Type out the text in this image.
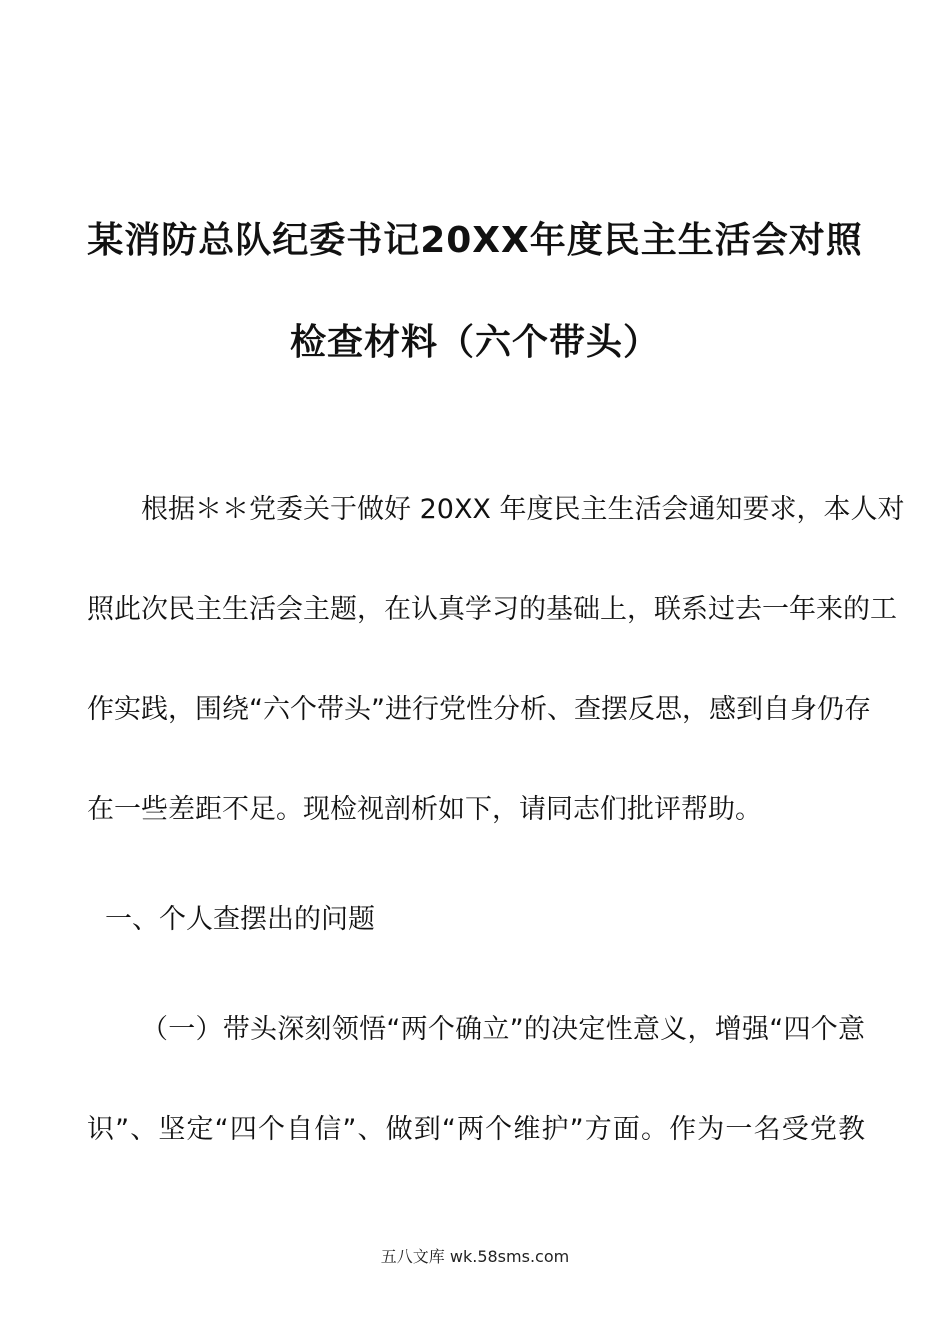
某消防总队纪委书记20XX年度民主生活会对照
检查材料（六个带头）
根据＊＊党委关于做好 20XX 年度民主生活会通知要求，本人对
照此次民主生活会主题，在认真学习的基础上，联系过去一年来的工
作实践，围绕“六个带头”进行党性分析、查摆反思，感到自身仍存
在一些差距不足。现检视剖析如下，请同志们批评帮助。
一、个人查摆出的问题
（一）带头深刻领悟“两个确立”的决定性意义，增强“四个意
识”、坚定“四个自信”、做到“两个维护”方面。作为一名受党教
五八文库 wk.58sms.com
